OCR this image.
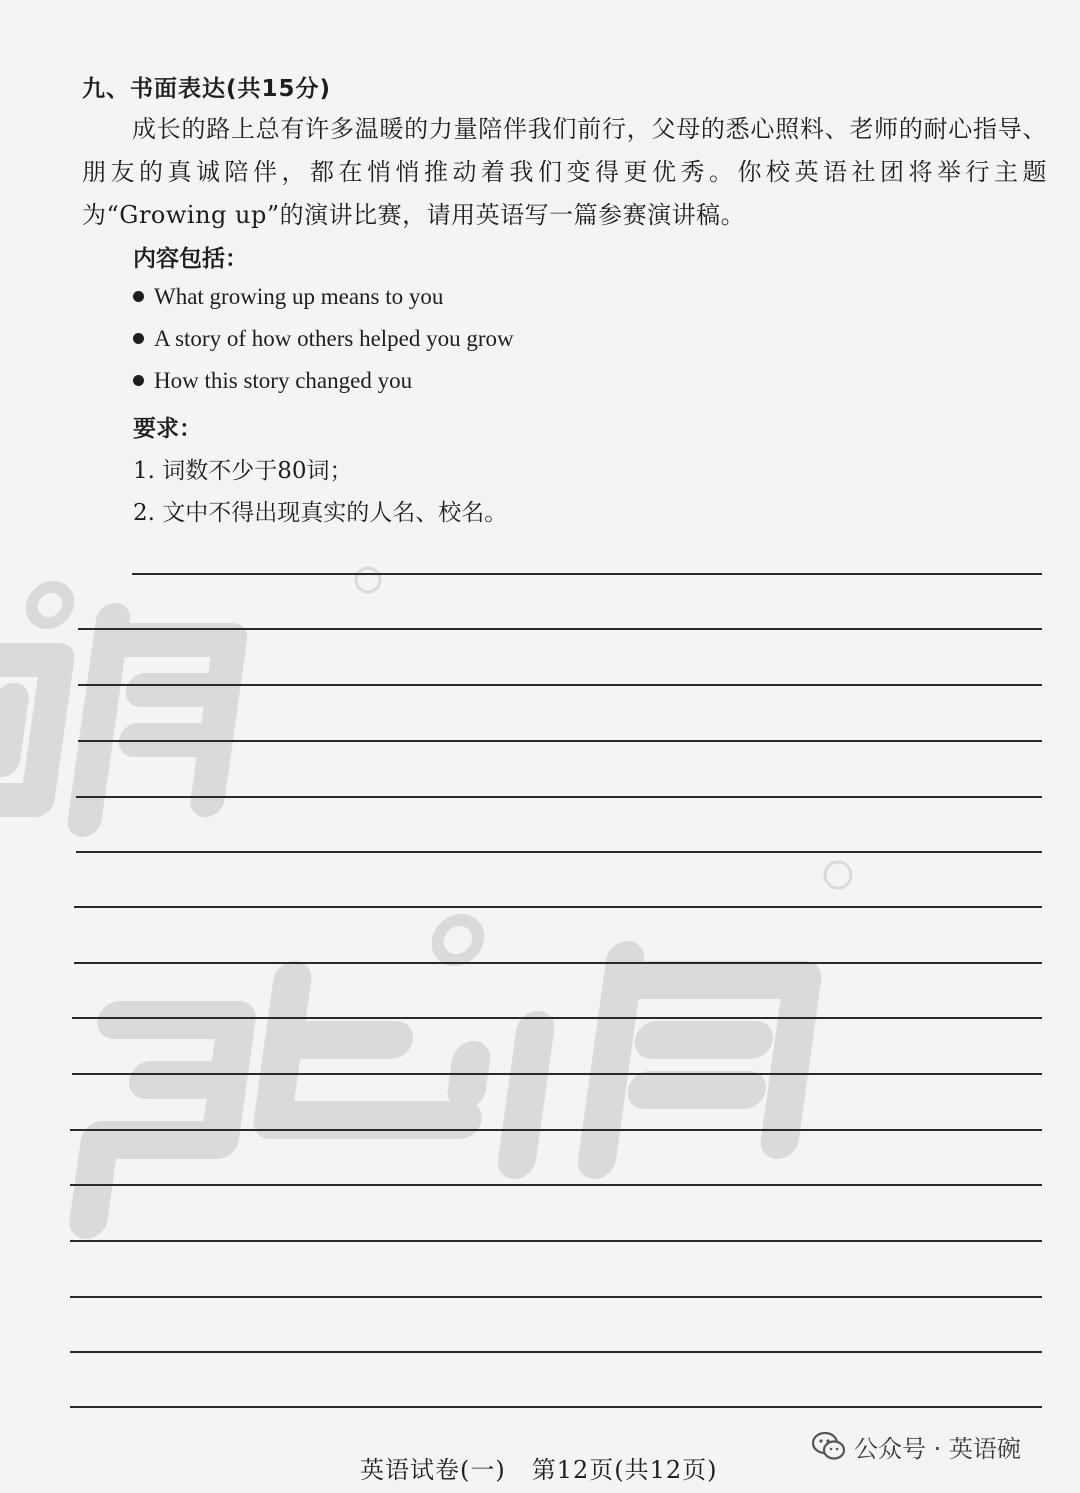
九、书面表达(共15分)
成长的路上总有许多温暖的力量陪伴我们前行，父母的悉心照料、老师的耐心指导、朋友的真诚陪伴，都在悄悄推动着我们变得更优秀。你校英语社团将举行主题为“Growing up”的演讲比赛，请用英语写一篇参赛演讲稿。
内容包括：
What growing up means to you
A story of how others helped you grow
How this story changed you
要求：
1. 词数不少于80词；
2. 文中不得出现真实的人名、校名。
英语试卷(一) 第12页(共12页)
公众号 · 英语碗
